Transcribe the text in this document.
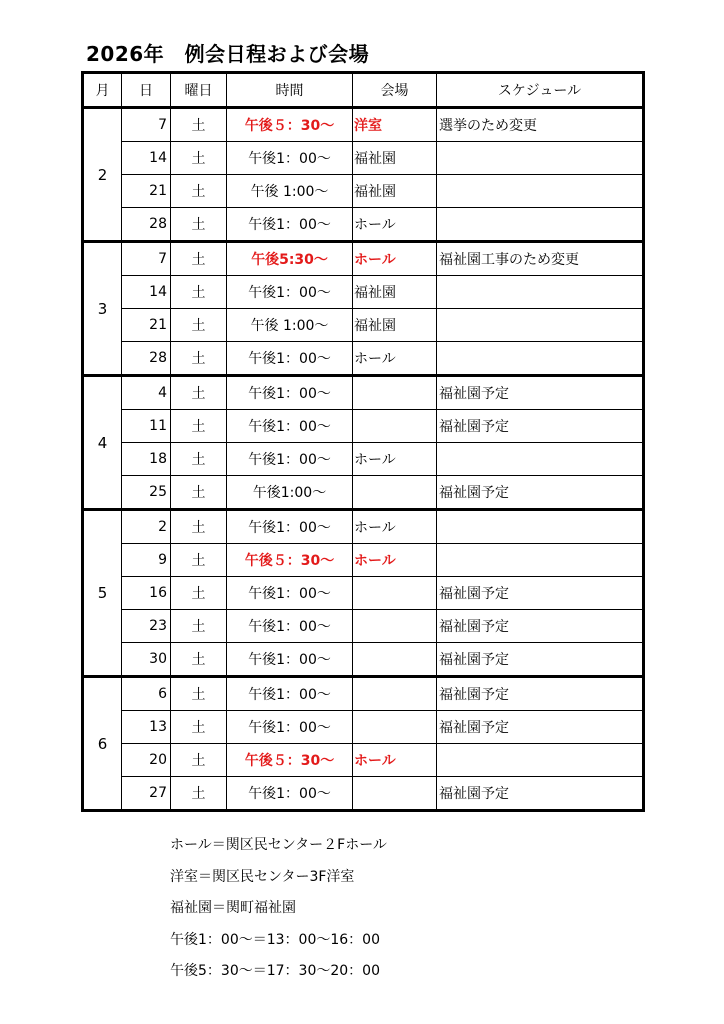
2026年　例会日程および会場
月	日	曜日	時間	会場	スケジュール
2	7	土	午後５：30～	洋室	選挙のため変更
	14	土	午後1：00～	福祉園	
	21	土	午後 1:00～	福祉園	
	28	土	午後1：00～	ホール	
3	7	土	午後5:30～	ホール	福祉園工事のため変更
	14	土	午後1：00～	福祉園	
	21	土	午後 1:00～	福祉園	
	28	土	午後1：00～	ホール	
4	4	土	午後1：00～		福祉園予定
	11	土	午後1：00～		福祉園予定
	18	土	午後1：00～	ホール	
	25	土	午後1:00～		福祉園予定
5	2	土	午後1：00～	ホール	
	9	土	午後５：30～	ホール	
	16	土	午後1：00～		福祉園予定
	23	土	午後1：00～		福祉園予定
	30	土	午後1：00～		福祉園予定
6	6	土	午後1：00～		福祉園予定
	13	土	午後1：00～		福祉園予定
	20	土	午後５：30～	ホール	
	27	土	午後1：00～		福祉園予定
ホール＝関区民センター２Fホール
洋室＝関区民センター3F洋室
福祉園＝関町福祉園
午後1：00～＝13：00～16：00
午後5：30～＝17：30～20：00
